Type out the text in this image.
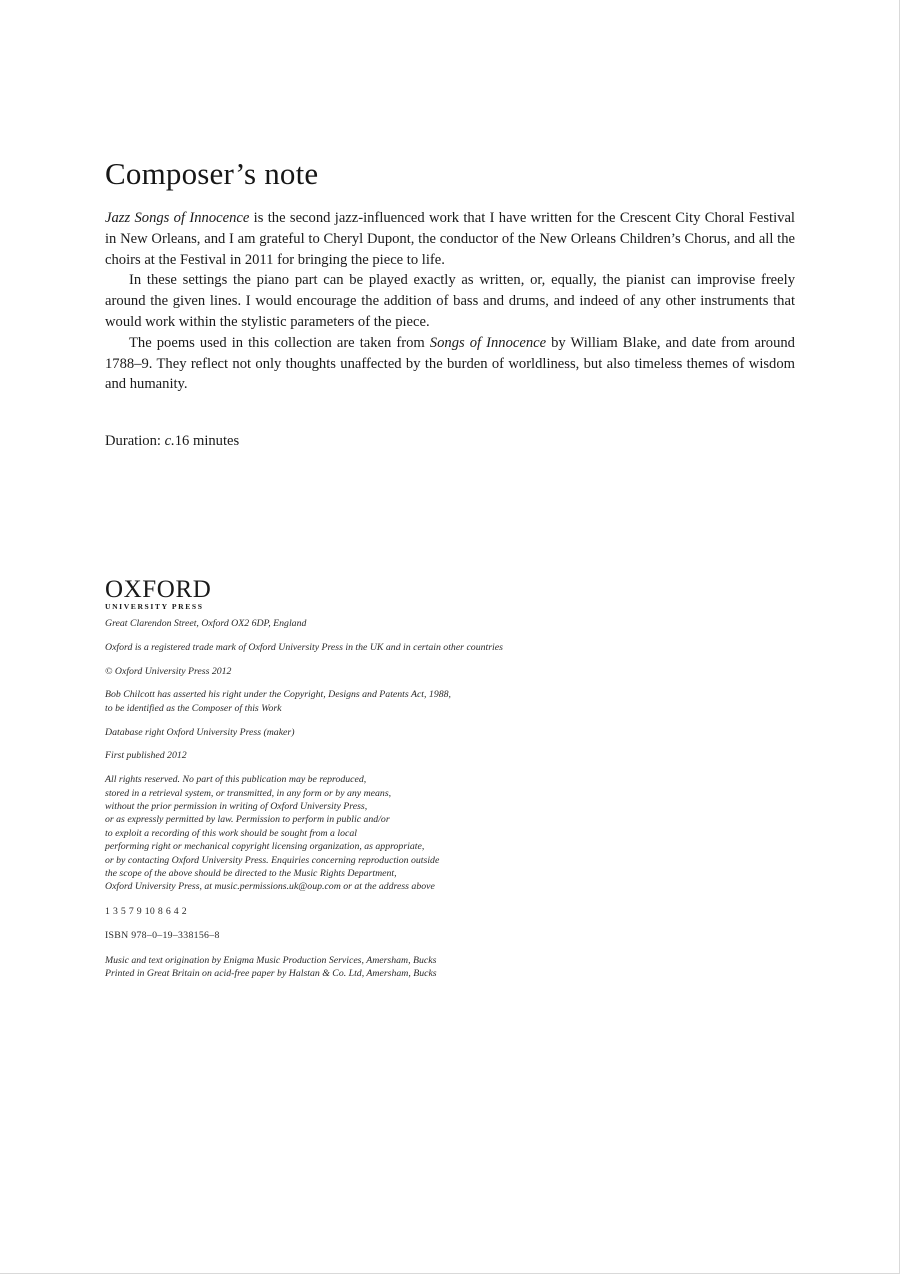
Composer’s note

Jazz Songs of Innocence is the second jazz-influenced work that I have written for the Crescent City Choral Festival in New Orleans, and I am grateful to Cheryl Dupont, the conductor of the New Orleans Children’s Chorus, and all the choirs at the Festival in 2011 for bringing the piece to life.

In these settings the piano part can be played exactly as written, or, equally, the pianist can improvise freely around the given lines. I would encourage the addition of bass and drums, and indeed of any other instruments that would work within the stylistic parameters of the piece.

The poems used in this collection are taken from Songs of Innocence by William Blake, and date from around 1788–9. They reflect not only thoughts unaffected by the burden of worldliness, but also timeless themes of wisdom and humanity.

Duration: c.16 minutes
OXFORD
UNIVERSITY PRESS

Great Clarendon Street, Oxford OX2 6DP, England

Oxford is a registered trade mark of Oxford University Press in the UK and in certain other countries

© Oxford University Press 2012

Bob Chilcott has asserted his right under the Copyright, Designs and Patents Act, 1988,
to be identified as the Composer of this Work

Database right Oxford University Press (maker)

First published 2012

All rights reserved. No part of this publication may be reproduced,
stored in a retrieval system, or transmitted, in any form or by any means,
without the prior permission in writing of Oxford University Press,
or as expressly permitted by law. Permission to perform in public and/or
to exploit a recording of this work should be sought from a local
performing right or mechanical copyright licensing organization, as appropriate,
or by contacting Oxford University Press. Enquiries concerning reproduction outside
the scope of the above should be directed to the Music Rights Department,
Oxford University Press, at music.permissions.uk@oup.com or at the address above

1 3 5 7 9 10 8 6 4 2

ISBN 978–0–19–338156–8

Music and text origination by Enigma Music Production Services, Amersham, Bucks
Printed in Great Britain on acid-free paper by Halstan & Co. Ltd, Amersham, Bucks
